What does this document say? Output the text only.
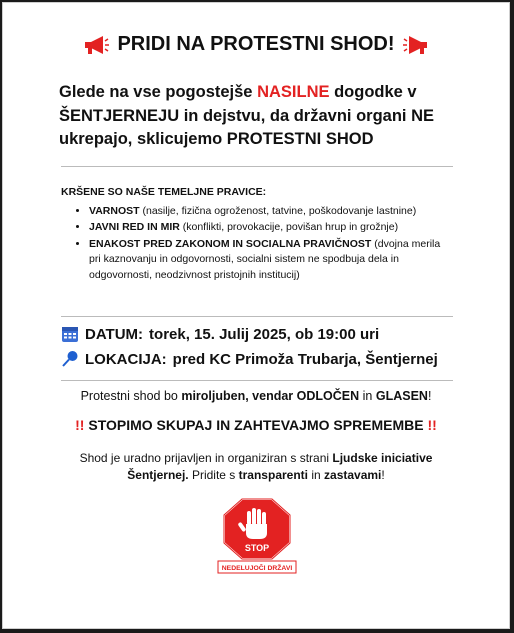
PRIDI NA PROTESTNI SHOD!
Glede na vse pogostejše NASILNE dogodke v ŠENTJERNEJU in dejstvu, da državni organi NE ukrepajo, sklicujemo PROTESTNI SHOD
KRŠENE SO NAŠE TEMELJNE PRAVICE:
• VARNOST (nasilje, fizična ogroženost, tatvine, poškodovanje lastnine)
• JAVNI RED IN MIR (konflikti, provokacije, povišan hrup in grožnje)
• ENAKOST PRED ZAKONOM IN SOCIALNA PRAVIČNOST (dvojna merila pri kaznovanju in odgovornosti, socialni sistem ne spodbuja dela in odgovornosti, neodzivnost pristojnih institucij)
DATUM: torek, 15. Julij 2025, ob 19:00 uri
LOKACIJA: pred KC Primoža Trubarja, Šentjernej
Protestni shod bo miroljuben, vendar ODLOČEN in GLASEN!
!! STOPIMO SKUPAJ IN ZAHTEVAJMO SPREMEMBE !!
Shod je uradno prijavljen in organiziran s strani Ljudske iniciative Šentjernej. Pridite s transparenti in zastavami!
STOP
NEDELUJOČI DRŽAVI
